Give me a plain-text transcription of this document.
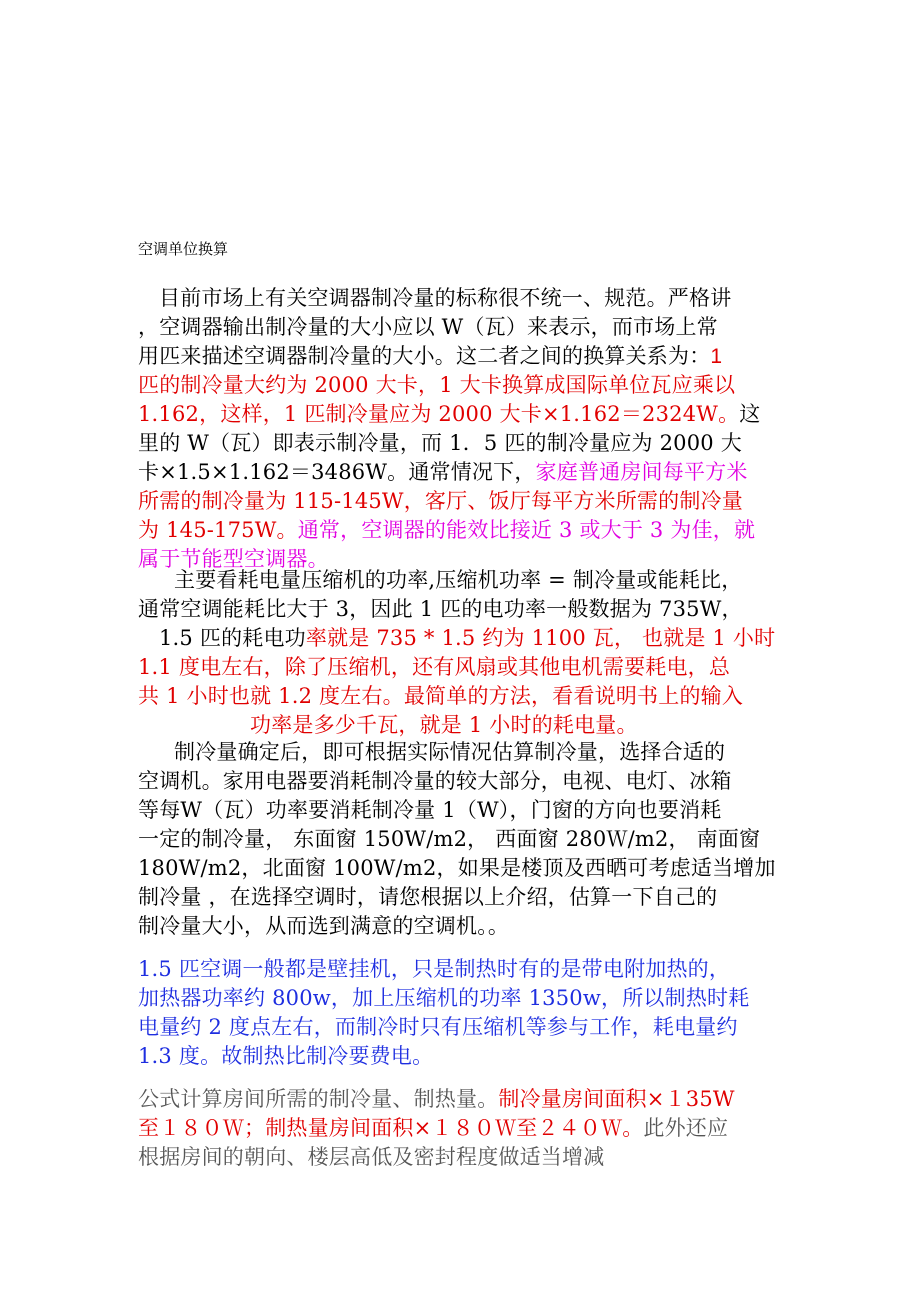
空调单位换算
目前市场上有关空调器制冷量的标称很不统一、规范。严格讲
，空调器输出制冷量的大小应以 W（瓦）来表示，而市场上常
用匹来描述空调器制冷量的大小。这二者之间的换算关系为：1
匹的制冷量大约为 2000 大卡，1 大卡换算成国际单位瓦应乘以
1.162，这样，1 匹制冷量应为 2000 大卡×1.162＝2324W。这
里的 W（瓦）即表示制冷量，而 1．5 匹的制冷量应为 2000 大
卡×1.5×1.162＝3486W。通常情况下，家庭普通房间每平方米
所需的制冷量为 115-145W，客厅、饭厅每平方米所需的制冷量
为 145-175W。通常，空调器的能效比接近 3 或大于 3 为佳，就
属于节能型空调器。
主要看耗电量压缩机的功率,压缩机功率 = 制冷量或能耗比，
通常空调能耗比大于 3，因此 1 匹的电功率一般数据为 735W，
1.5 匹的耗电功率就是 735 * 1.5 约为 1100 瓦， 也就是 1 小时
1.1 度电左右，除了压缩机，还有风扇或其他电机需要耗电，总
共 1 小时也就 1.2 度左右。最简单的方法，看看说明书上的输入
功率是多少千瓦，就是 1 小时的耗电量。
制冷量确定后，即可根据实际情况估算制冷量，选择合适的
空调机。家用电器要消耗制冷量的较大部分，电视、电灯、冰箱
等每W（瓦）功率要消耗制冷量 1（W），门窗的方向也要消耗
一定的制冷量， 东面窗 150W/m2， 西面窗 280Ｗ/m2， 南面窗
180W/m2，北面窗 100W/m2，如果是楼顶及西晒可考虑适当增加
制冷量 ，在选择空调时，请您根据以上介绍，估算一下自己的
制冷量大小，从而选到满意的空调机。。
1.5 匹空调一般都是壁挂机，只是制热时有的是带电附加热的，
加热器功率约 800w，加上压缩机的功率 1350w，所以制热时耗
电量约 2 度点左右，而制冷时只有压缩机等参与工作，耗电量约
1.3 度。故制热比制冷要费电。
公式计算房间所需的制冷量、制热量。制冷量房间面积×１35W
至１８０Ｗ；制热量房间面积×１８０Ｗ至２４０Ｗ。此外还应
根据房间的朝向、楼层高低及密封程度做适当增减
